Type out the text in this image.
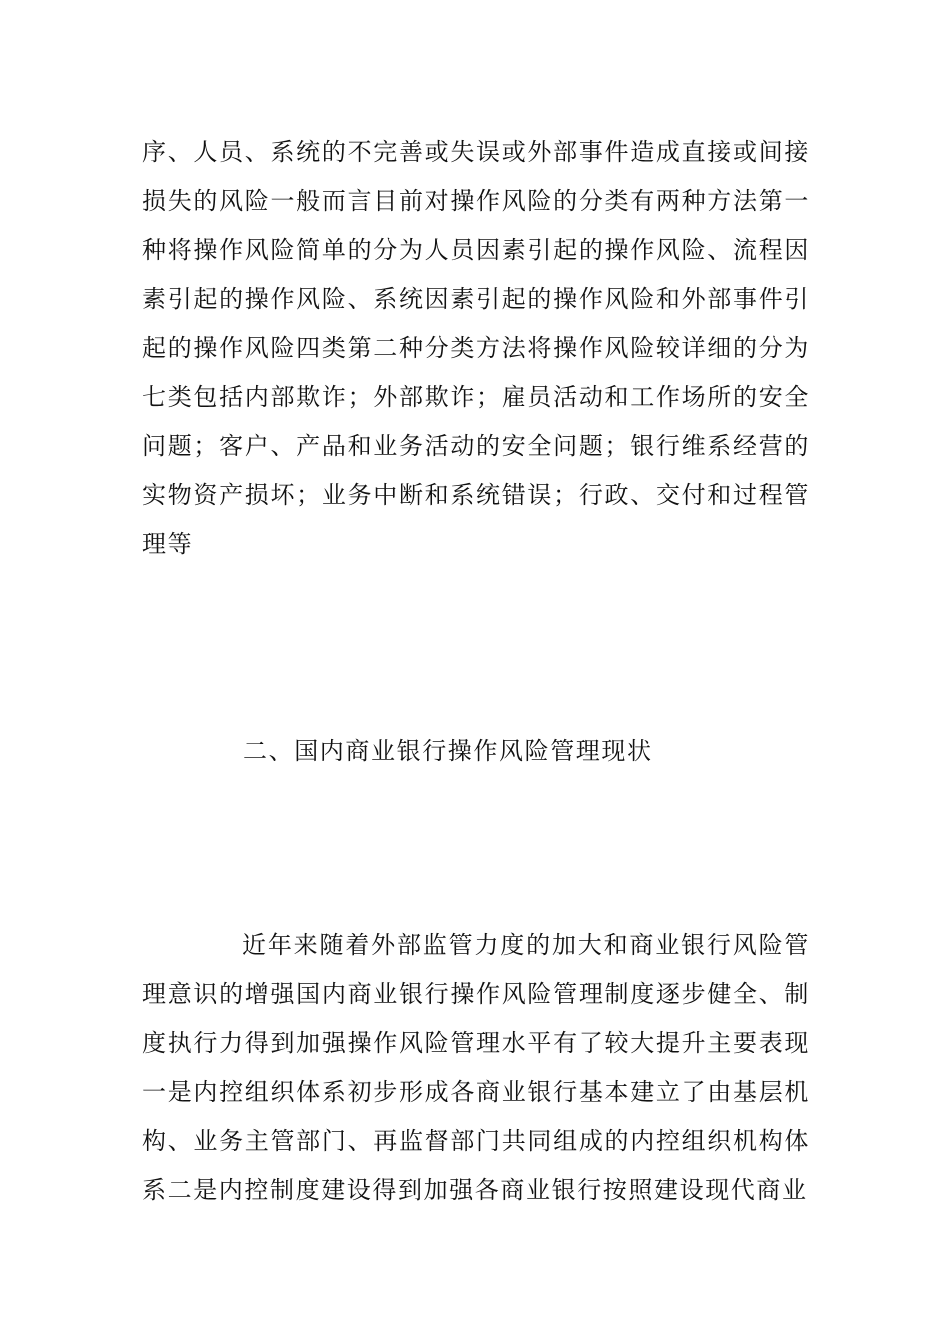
序、人员、系统的不完善或失误或外部事件造成直接或间接损失的风险一般而言目前对操作风险的分类有两种方法第一种将操作风险简单的分为人员因素引起的操作风险、流程因素引起的操作风险、系统因素引起的操作风险和外部事件引起的操作风险四类第二种分类方法将操作风险较详细的分为七类包括内部欺诈；外部欺诈；雇员活动和工作场所的安全问题；客户、产品和业务活动的安全问题；银行维系经营的实物资产损坏；业务中断和系统错误；行政、交付和过程管理等

二、国内商业银行操作风险管理现状

近年来随着外部监管力度的加大和商业银行风险管理意识的增强国内商业银行操作风险管理制度逐步健全、制度执行力得到加强操作风险管理水平有了较大提升主要表现一是内控组织体系初步形成各商业银行基本建立了由基层机构、业务主管部门、再监督部门共同组成的内控组织机构体系二是内控制度建设得到加强各商业银行按照建设现代商业
